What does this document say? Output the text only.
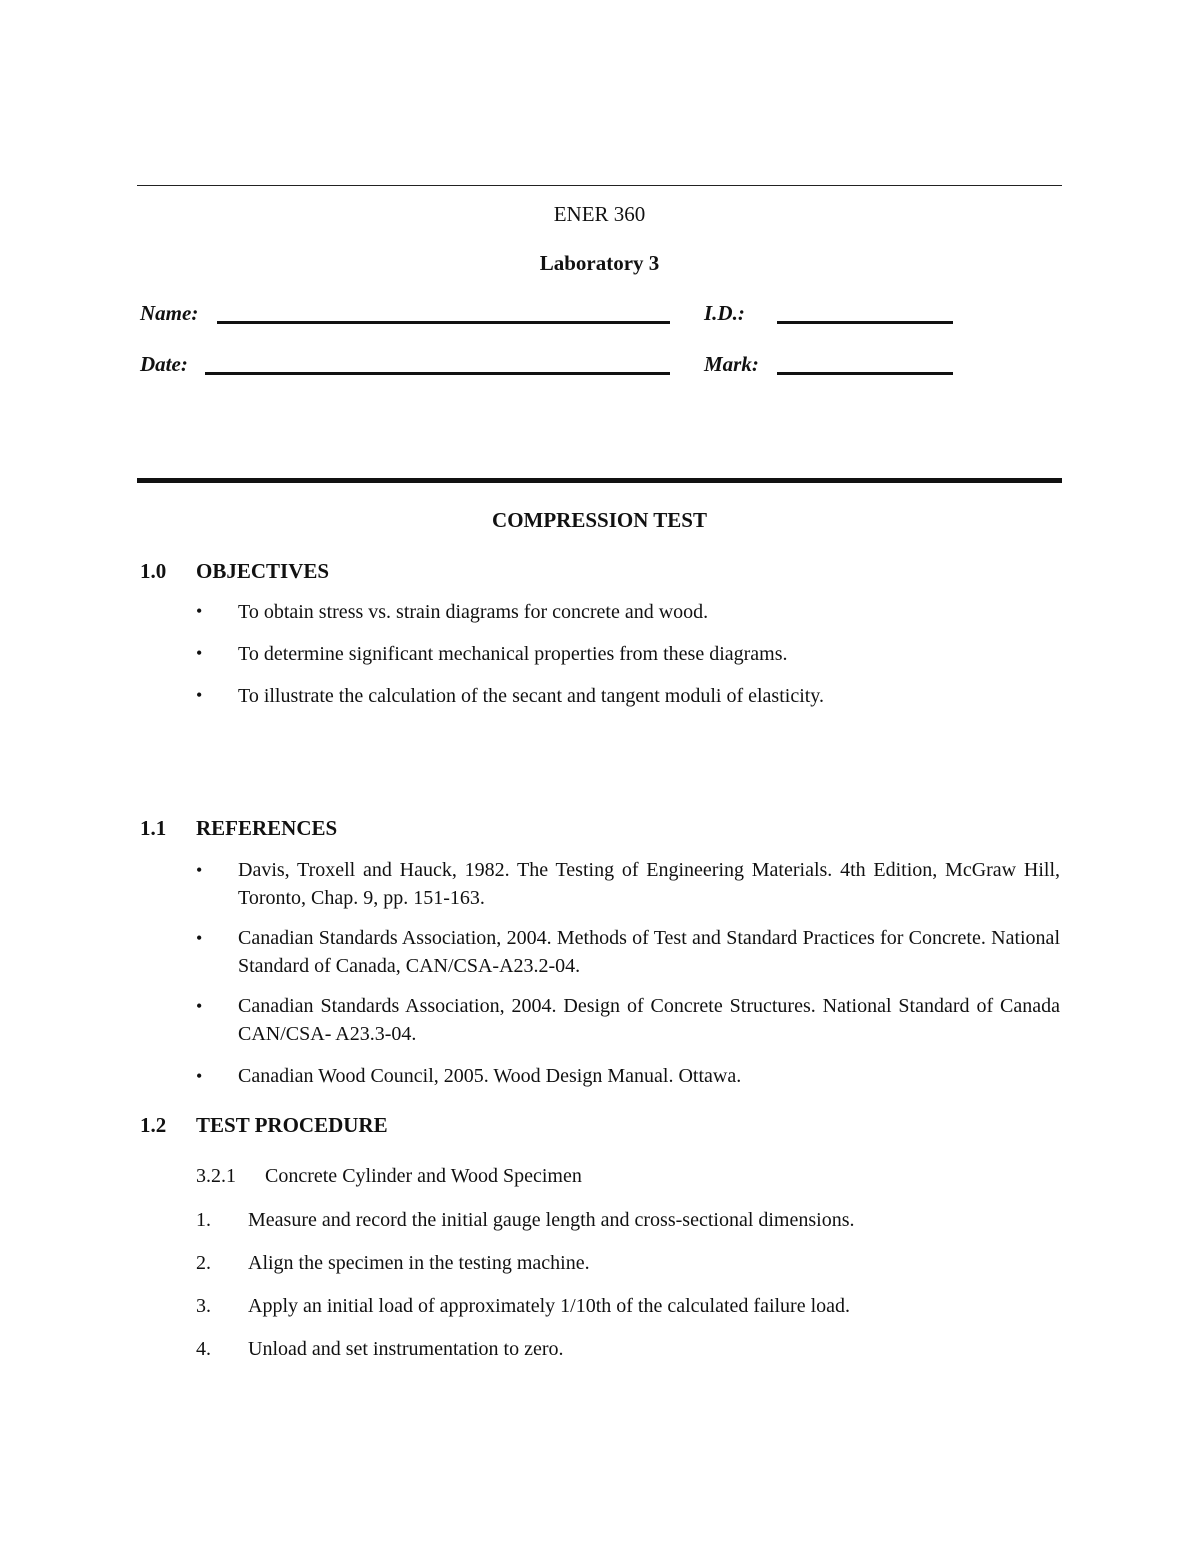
ENER 360
Laboratory 3
Name:	I.D.:
Date:	Mark:
COMPRESSION TEST
1.0 OBJECTIVES
• To obtain stress vs. strain diagrams for concrete and wood.
• To determine significant mechanical properties from these diagrams.
• To illustrate the calculation of the secant and tangent moduli of elasticity.
1.1 REFERENCES
• Davis, Troxell and Hauck, 1982. The Testing of Engineering Materials. 4th Edition, McGraw Hill, Toronto, Chap. 9, pp. 151-163.
• Canadian Standards Association, 2004. Methods of Test and Standard Practices for Concrete. National Standard of Canada, CAN/CSA-A23.2-04.
• Canadian Standards Association, 2004. Design of Concrete Structures. National Standard of Canada CAN/CSA- A23.3-04.
• Canadian Wood Council, 2005. Wood Design Manual. Ottawa.
1.2 TEST PROCEDURE
3.2.1 Concrete Cylinder and Wood Specimen
1. Measure and record the initial gauge length and cross-sectional dimensions.
2. Align the specimen in the testing machine.
3. Apply an initial load of approximately 1/10th of the calculated failure load.
4. Unload and set instrumentation to zero.
